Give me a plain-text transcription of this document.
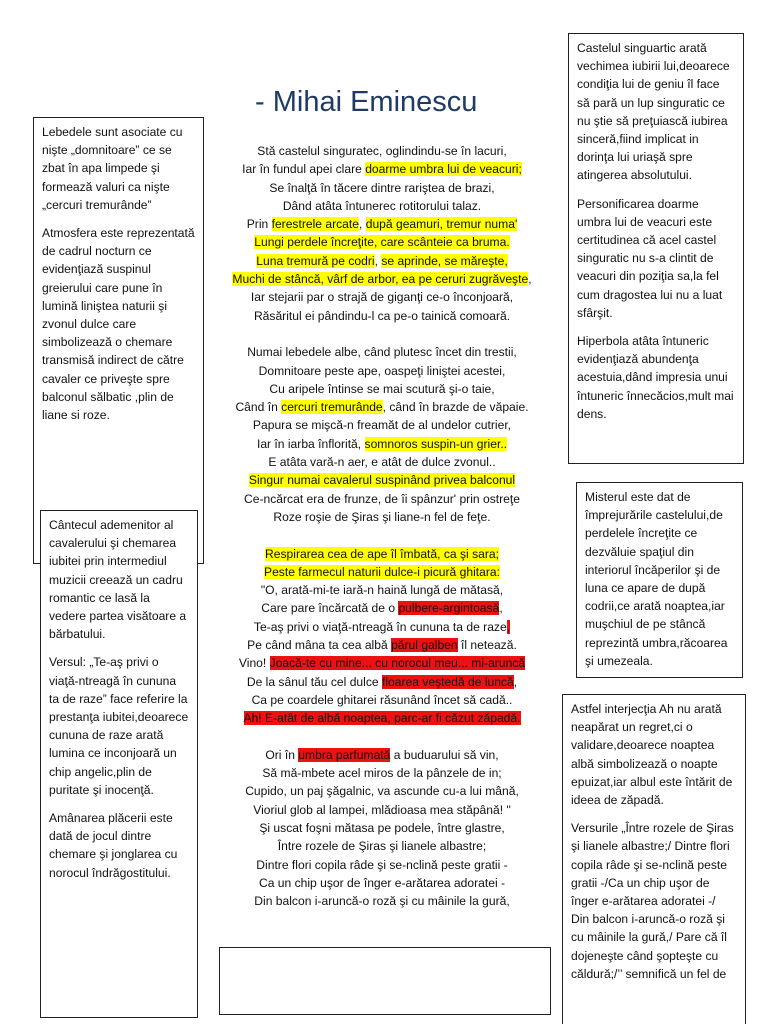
- Mihai Eminescu
Stă castelul singuratec, oglindindu-se în lacuri,
Iar în fundul apei clare doarme umbra lui de veacuri;
Se înalţă în tăcere dintre rariştea de brazi,
Dând atâta întunerec rotitorului talaz.
Prin ferestrele arcate, după geamuri, tremur numa'
Lungi perdele încreţite, care scânteie ca bruma.
Luna tremură pe codri, se aprinde, se măreşte,
Muchi de stâncă, vârf de arbor, ea pe ceruri zugrăveşte,
Iar stejarii par o strajă de giganţi ce-o înconjoară,
Răsăritul ei pândindu-l ca pe-o tainică comoară.
Numai lebedele albe, când plutesc încet din trestii,
Domnitoare peste ape, oaspeţi liniştei acestei,
Cu aripele întinse se mai scutură şi-o taie,
Când în cercuri tremurânde, când în brazde de văpaie.
Papura se mişcă-n freamăt de al undelor cutrier,
Iar în iarba înflorită, somnoros suspin-un grier..
E atâta vară-n aer, e atât de dulce zvonul..
Singur numai cavalerul suspinând privea balconul
Ce-ncărcat era de frunze, de îi spânzur' prin ostreţe
Roze roşie de Şiras şi liane-n fel de feţe.
Respirarea cea de ape îl îmbată, ca şi sara;
Peste farmecul naturii dulce-i picură ghitara:
"O, arată-mi-te iară-n haină lungă de mătasă,
Care pare încărcată de o pulbere-argintoasă,
Te-aş privi o viaţă-ntreagă în cununa ta de raze,
Pe când mâna ta cea albă părul galben îl netează.
Vino! Joacă-te cu mine... cu norocul meu... mi-aruncă
De la sânul tău cel dulce floarea veştedă de luncă,
Ca pe coardele ghitarei răsunând încet să cadă..
Ah! E-atât de albă noaptea, parc-ar fi căzut zăpadă.
Ori în umbra parfumată a buduarului să vin,
Să mă-mbete acel miros de la pânzele de in;
Cupido, un paj şăgalnic, va ascunde cu-a lui mână,
Vioriul glob al lampei, mlădioasa mea stăpână! "
Şi uscat foşni mătasa pe podele, între glastre,
Între rozele de Şiras şi lianele albastre;
Dintre flori copila râde şi se-nclină peste gratii -
Ca un chip uşor de înger e-arătarea adoratei -
Din balcon i-aruncă-o roză şi cu mâinile la gură,

Lebedele sunt asociate cu nişte „domnitoare” ce se zbat în apa limpede şi formează valuri ca nişte „cercuri tremurânde”

Atmosfera este reprezentată de cadrul nocturn ce evidenţiază suspinul greierului care pune în lumină liniştea naturii şi zvonul dulce care simbolizează o chemare transmisă indirect de către cavaler ce priveşte spre balconul sălbatic ,plin de liane si roze.

Cântecul ademenitor al cavalerului şi chemarea iubitei prin intermediul muzicii creează un cadru romantic ce lasă la vedere partea visătoare a bărbatului.

Versul: „Te-aş privi o viaţă-ntreagă în cununa ta de raze” face referire la prestanţa iubitei,deoarece cununa de raze arată lumina ce inconjoară un chip angelic,plin de puritate şi inocenţă.

Amânarea plăcerii este dată de jocul dintre chemare şi jonglarea cu norocul îndrăgostitului.

Castelul singuartic arată vechimea iubirii lui,deoarece condiţia lui de geniu îl face să pară un lup singuratic ce nu ştie să preţuiască iubirea sinceră,fiind implicat in dorinţa lui uriaşă spre atingerea absolutului.

Personificarea doarme umbra lui de veacuri este certitudinea că acel castel singuratic nu s-a clintit de veacuri din poziţia sa,la fel cum dragostea lui nu a luat sfârşit.

Hiperbola atâta întuneric evidenţiază abundenţa acestuia,dând impresia unui întuneric înnecăcios,mult mai dens.

Misterul este dat de împrejurările castelului,de perdelele încreţite ce dezvăluie spaţiul din interiorul încăperilor şi de luna ce apare de după codrii,ce arată noaptea,iar muşchiul de pe stâncă reprezintă umbra,răcoarea şi umezeala.

Astfel interjecţia Ah nu arată neapărat un regret,ci o validare,deoarece noaptea albă simbolizează o noapte epuizat,iar albul este întărit de ideea de zăpadă.

Versurile „Între rozele de Şiras şi lianele albastre;/ Dintre flori copila râde şi se-nclină peste gratii -/Ca un chip uşor de înger e-arătarea adoratei -/ Din balcon i-aruncă-o roză şi cu mâinile la gură,/ Pare că îl dojeneşte când şopteşte cu căldură;/’’ semnifică un fel de
